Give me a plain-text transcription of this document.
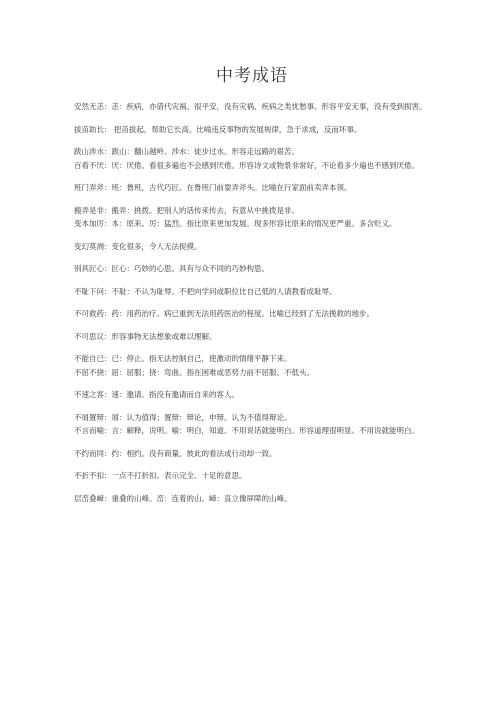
中考成语

安然无恙：恙：疾病，亦借代灾祸。很平安，没有灾祸、疾病之类忧愁事。形容平安无事，没有受到损害。

拔苗助长： 把苗拔起，帮助它长高。比喻违反事物的发展规律，急于求成，反而坏事。

跋山涉水：跋山：翻山越岭。涉水：徒步过水。形容走远路的艰苦。

百看不厌：厌：厌倦。看很多遍也不会感到厌倦。形容诗文或物景非常好，不论看多少遍也不感到厌倦。

班门弄斧：班：鲁班，古代巧匠。在鲁班门前耍弄斧头。比喻在行家面前卖弄本领。

搬弄是非：搬弄：挑拨。把别人的话传来传去，有意从中挑拨是非。

变本加厉：本：原来。厉：猛烈。指比原来更加发展。现多形容比原来的情况更严重。多含贬义。

变幻莫测：变化很多，令人无法捉摸。

别具匠心：匠心：巧妙的心思。具有与众不同的巧妙构思。

不耻下问：不耻：不认为耻辱。不把向学问或职位比自己低的人请教看成耻辱。

不可救药：药：用药治疗。病已重到无法用药医治的程度。比喻已经到了无法挽救的地步。

不可思议：形容事物无法想象或难以理解。

不能自已：已：停止。指无法控制自己，使激动的情绪平静下来。

不屈不挠：屈：屈服；挠：弯曲。指在困难或恶势力前不屈服、不低头。

不速之客：速：邀请。指没有邀请而自来的客人。

不屑置辩：屑：认为值得；置辩：辩论，申辩。认为不值得辩论。

不言而喻：言：解释，说明。喻：明白，知道。不用说话就能明白。形容道理很明显。不用说就能明白。

不约而同：约：相约。没有商量，彼此的看法或行动却一致。

不折不扣：一点不打折扣。表示完全、十足的意思。

层峦叠嶂：重叠的山峰。峦：连着的山。嶂：直立像屏障的山峰。
